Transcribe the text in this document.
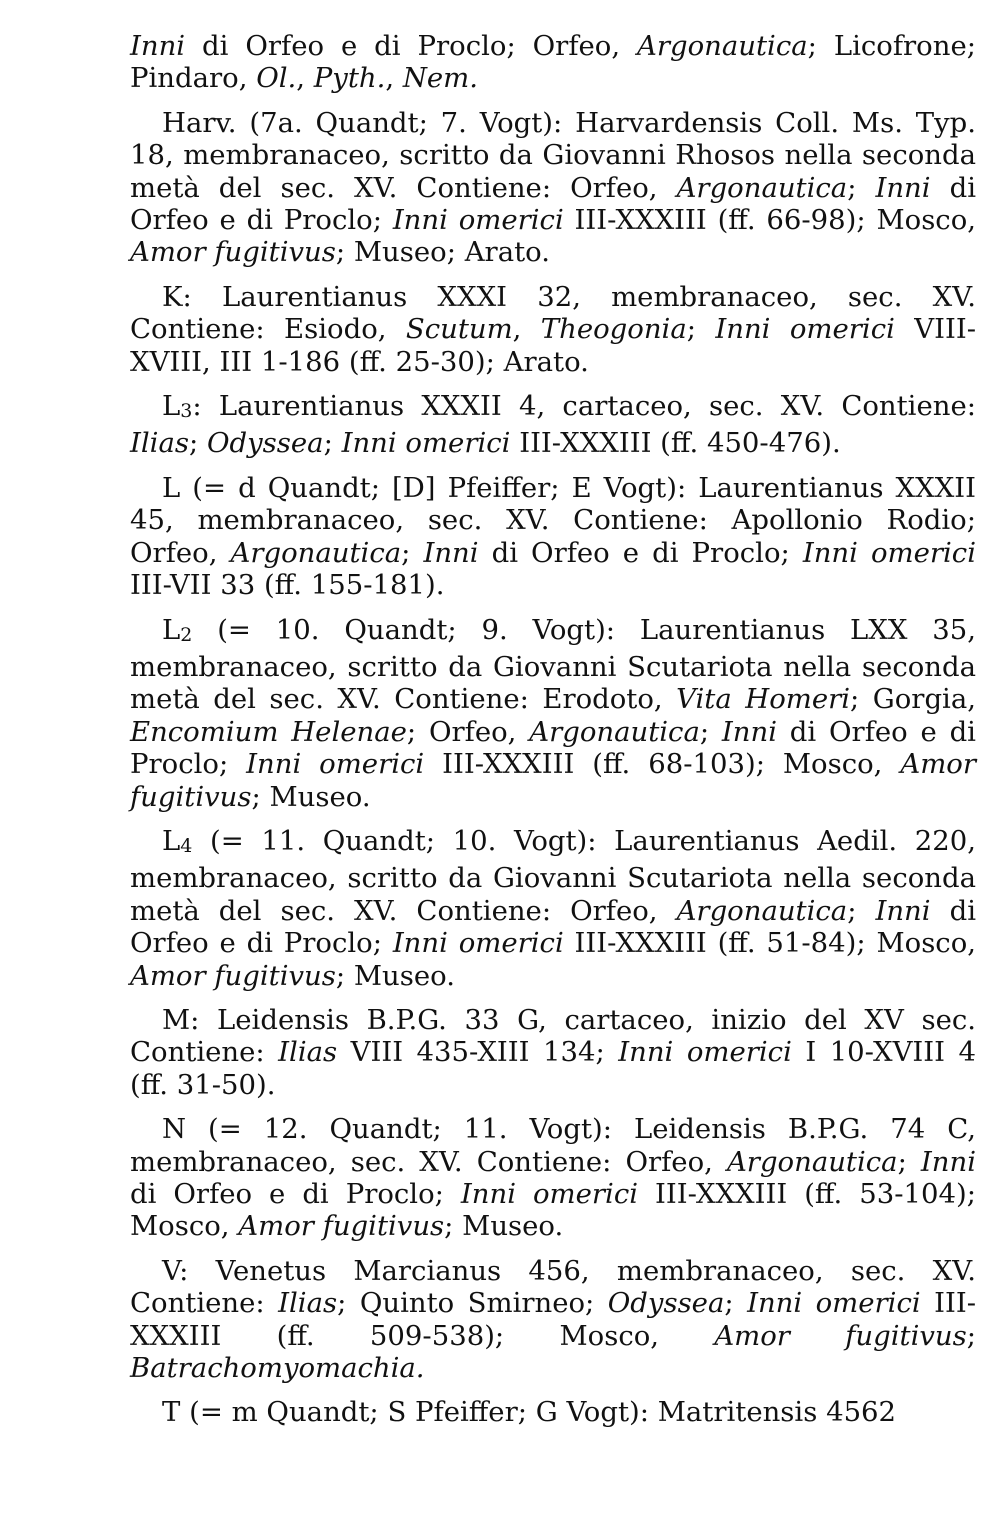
Inni di Orfeo e di Proclo; Orfeo, Argonautica; Licofrone; Pindaro, Ol., Pyth., Nem.

Harv. (7a. Quandt; 7. Vogt): Harvardensis Coll. Ms. Typ. 18, membranaceo, scritto da Giovanni Rhosos nella seconda metà del sec. XV. Contiene: Orfeo, Argonautica; Inni di Orfeo e di Proclo; Inni omerici III-XXXIII (ff. 66-98); Mosco, Amor fugitivus; Museo; Arato.

K: Laurentianus XXXI 32, membranaceo, sec. XV. Contiene: Esiodo, Scutum, Theogonia; Inni omerici VIII-XVIII, III 1-186 (ff. 25-30); Arato.

L3: Laurentianus XXXII 4, cartaceo, sec. XV. Contiene: Ilias; Odyssea; Inni omerici III-XXXIII (ff. 450-476).

L (= d Quandt; [D] Pfeiffer; E Vogt): Laurentianus XXXII 45, membranaceo, sec. XV. Contiene: Apollonio Rodio; Orfeo, Argonautica; Inni di Orfeo e di Proclo; Inni omerici III-VII 33 (ff. 155-181).

L2 (= 10. Quandt; 9. Vogt): Laurentianus LXX 35, membranaceo, scritto da Giovanni Scutariota nella seconda metà del sec. XV. Contiene: Erodoto, Vita Homeri; Gorgia, Encomium Helenae; Orfeo, Argonautica; Inni di Orfeo e di Proclo; Inni omerici III-XXXIII (ff. 68-103); Mosco, Amor fugitivus; Museo.

L4 (= 11. Quandt; 10. Vogt): Laurentianus Aedil. 220, membranaceo, scritto da Giovanni Scutariota nella seconda metà del sec. XV. Contiene: Orfeo, Argonautica; Inni di Orfeo e di Proclo; Inni omerici III-XXXIII (ff. 51-84); Mosco, Amor fugitivus; Museo.

M: Leidensis B.P.G. 33 G, cartaceo, inizio del XV sec. Contiene: Ilias VIII 435-XIII 134; Inni omerici I 10-XVIII 4 (ff. 31-50).

N (= 12. Quandt; 11. Vogt): Leidensis B.P.G. 74 C, membranaceo, sec. XV. Contiene: Orfeo, Argonautica; Inni di Orfeo e di Proclo; Inni omerici III-XXXIII (ff. 53-104); Mosco, Amor fugitivus; Museo.

V: Venetus Marcianus 456, membranaceo, sec. XV. Contiene: Ilias; Quinto Smirneo; Odyssea; Inni omerici III-XXXIII (ff. 509-538); Mosco, Amor fugitivus; Batrachomyomachia.

T (= m Quandt; S Pfeiffer; G Vogt): Matritensis 4562
